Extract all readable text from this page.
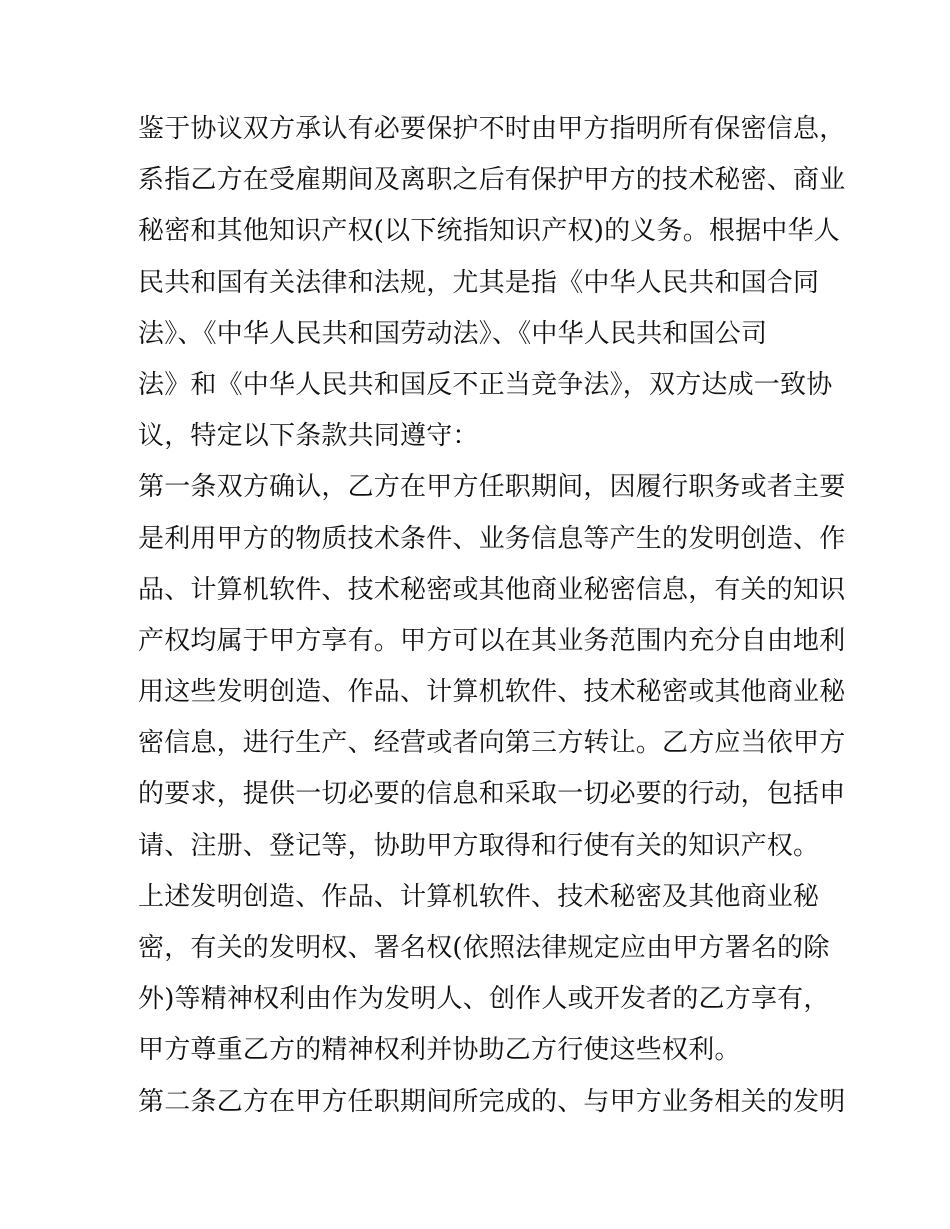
鉴于协议双方承认有必要保护不时由甲方指明所有保密信息，
系指乙方在受雇期间及离职之后有保护甲方的技术秘密、商业
秘密和其他知识产权(以下统指知识产权)的义务。根据中华人
民共和国有关法律和法规，尤其是指《中华人民共和国合同
法》、《中华人民共和国劳动法》、《中华人民共和国公司
法》和《中华人民共和国反不正当竞争法》，双方达成一致协
议，特定以下条款共同遵守：
第一条双方确认，乙方在甲方任职期间，因履行职务或者主要
是利用甲方的物质技术条件、业务信息等产生的发明创造、作
品、计算机软件、技术秘密或其他商业秘密信息，有关的知识
产权均属于甲方享有。甲方可以在其业务范围内充分自由地利
用这些发明创造、作品、计算机软件、技术秘密或其他商业秘
密信息，进行生产、经营或者向第三方转让。乙方应当依甲方
的要求，提供一切必要的信息和采取一切必要的行动，包括申
请、注册、登记等，协助甲方取得和行使有关的知识产权。
上述发明创造、作品、计算机软件、技术秘密及其他商业秘
密，有关的发明权、署名权(依照法律规定应由甲方署名的除
外)等精神权利由作为发明人、创作人或开发者的乙方享有，
甲方尊重乙方的精神权利并协助乙方行使这些权利。
第二条乙方在甲方任职期间所完成的、与甲方业务相关的发明
